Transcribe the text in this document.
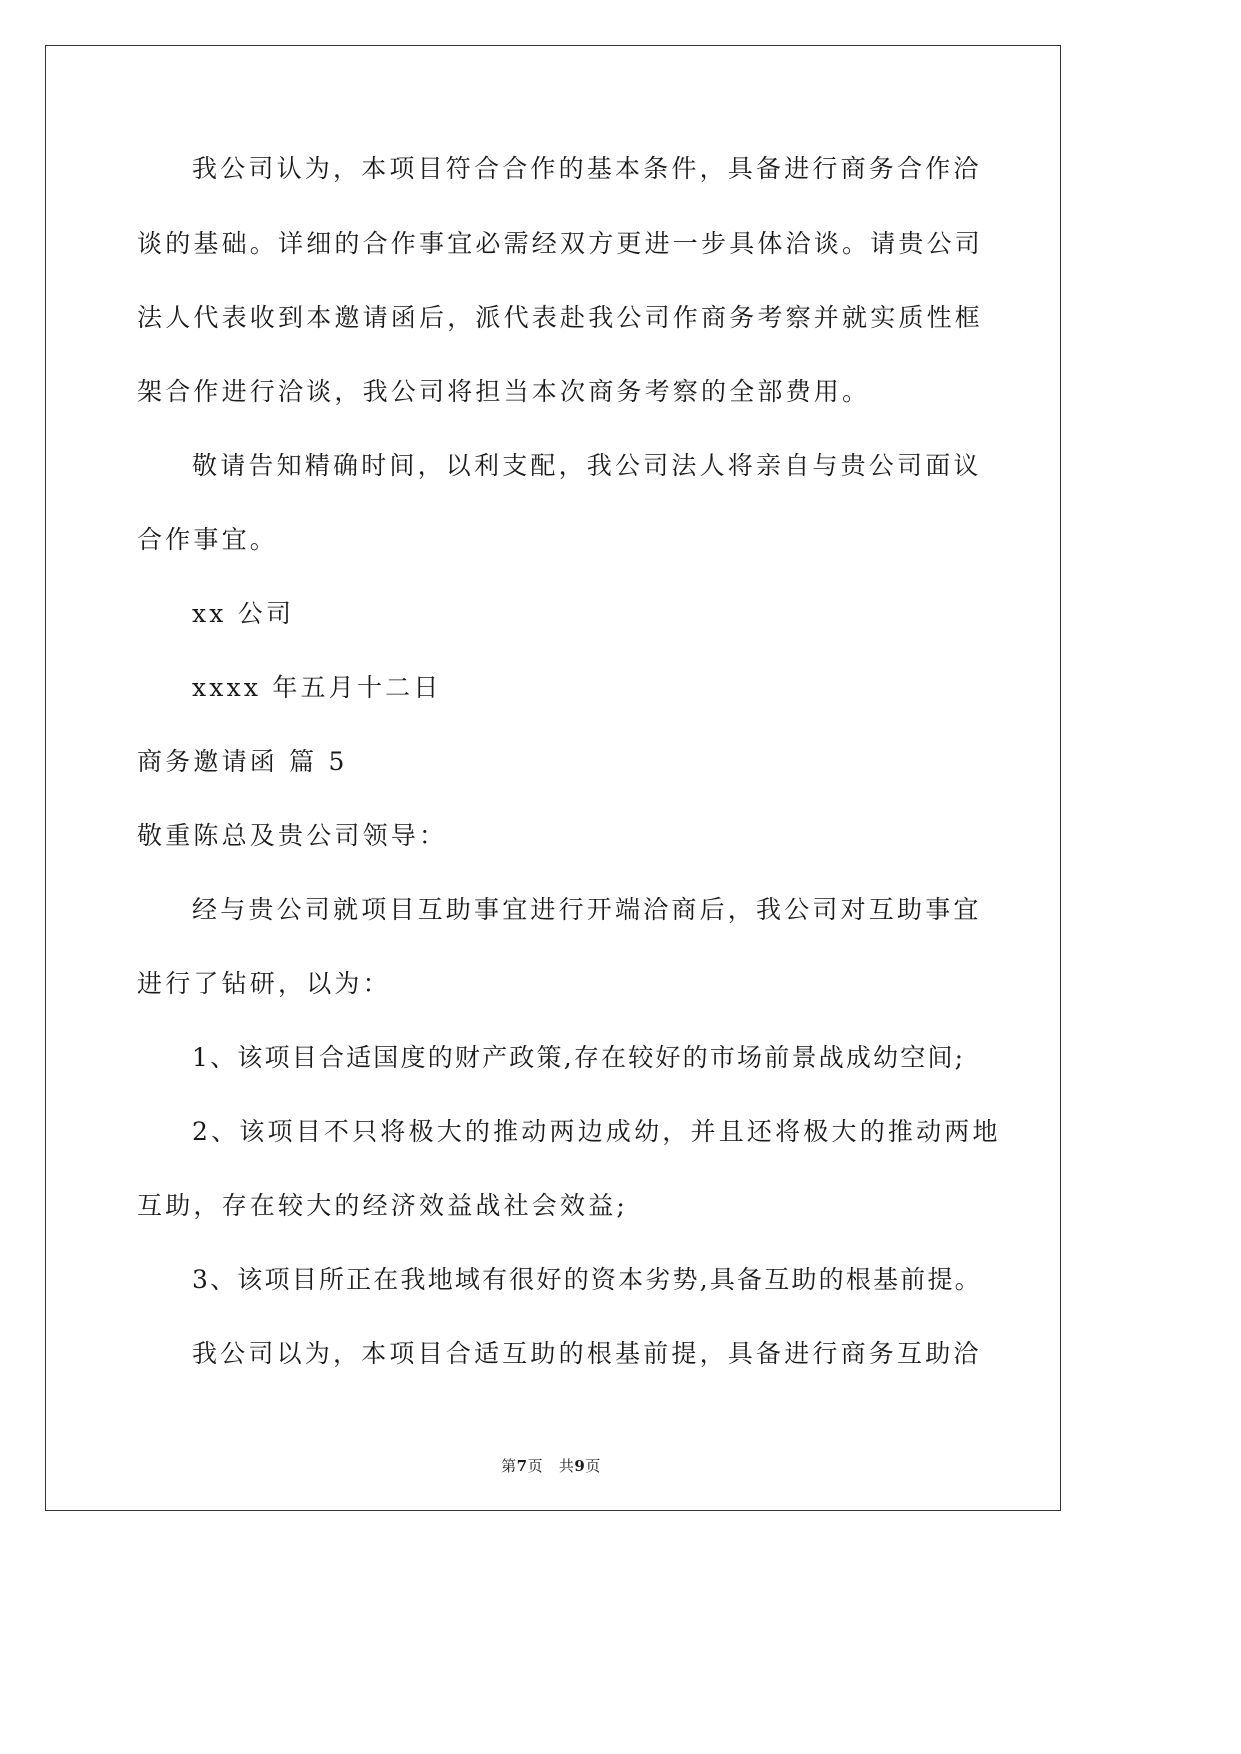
我公司认为，本项目符合合作的基本条件，具备进行商务合作洽
谈的基础。详细的合作事宜必需经双方更进一步具体洽谈。请贵公司
法人代表收到本邀请函后，派代表赴我公司作商务考察并就实质性框
架合作进行洽谈，我公司将担当本次商务考察的全部费用。
敬请告知精确时间，以利支配，我公司法人将亲自与贵公司面议
合作事宜。
xx 公司
xxxx 年五月十二日
商务邀请函 篇 5
敬重陈总及贵公司领导：
经与贵公司就项目互助事宜进行开端洽商后，我公司对互助事宜
进行了钻研，以为：
1、该项目合适国度的财产政策,存在较好的市场前景战成幼空间;
2、该项目不只将极大的推动两边成幼，并且还将极大的推动两地
互助，存在较大的经济效益战社会效益;
3、该项目所正在我地域有很好的资本劣势,具备互助的根基前提。
我公司以为，本项目合适互助的根基前提，具备进行商务互助洽
第7页 共9页
